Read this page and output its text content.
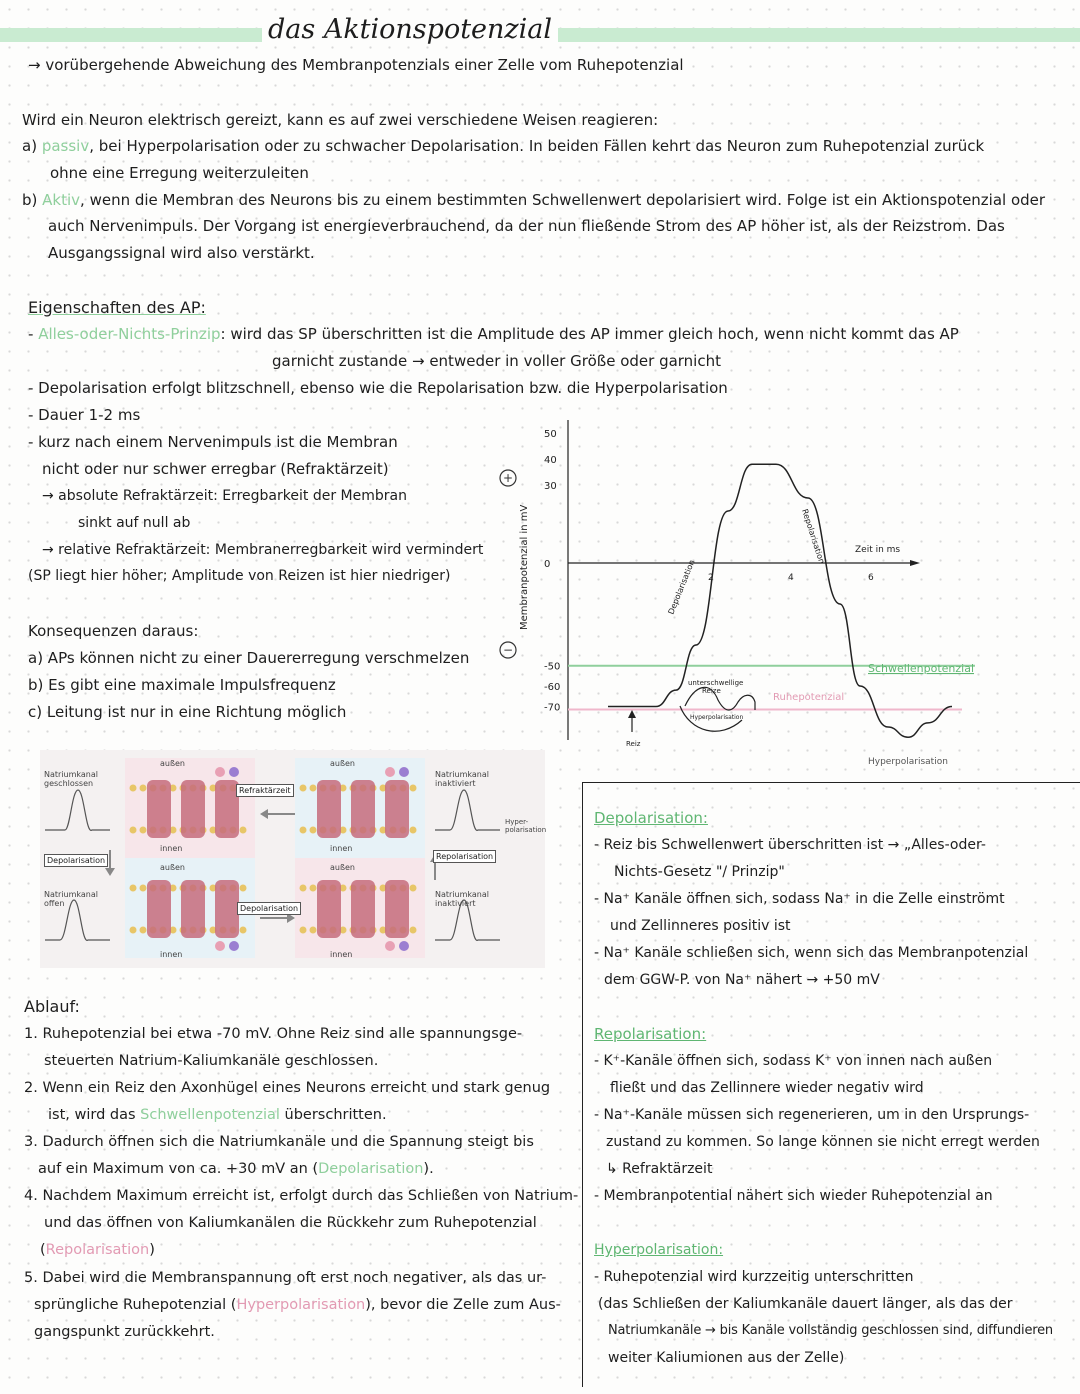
das Aktionspotenzial
→ vorübergehende Abweichung des Membranpotenzials einer Zelle vom Ruhepotenzial
Wird ein Neuron elektrisch gereizt, kann es auf zwei verschiedene Weisen reagieren:
a) passiv, bei Hyperpolarisation oder zu schwacher Depolarisation. In beiden Fällen kehrt das Neuron zum Ruhepotenzial zurück
ohne eine Erregung weiterzuleiten
b) Aktiv, wenn die Membran des Neurons bis zu einem bestimmten Schwellenwert depolarisiert wird. Folge ist ein Aktionspotenzial oder
auch Nervenimpuls. Der Vorgang ist energieverbrauchend, da der nun fließende Strom des AP höher ist, als der Reizstrom. Das
Ausgangssignal wird also verstärkt.
Eigenschaften des AP:
- Alles-oder-Nichts-Prinzip: wird das SP überschritten ist die Amplitude des AP immer gleich hoch, wenn nicht kommt das AP
garnicht zustande → entweder in voller Größe oder garnicht
- Depolarisation erfolgt blitzschnell, ebenso wie die Repolarisation bzw. die Hyperpolarisation
- Dauer 1-2 ms
- kurz nach einem Nervenimpuls ist die Membran
nicht oder nur schwer erregbar (Refraktärzeit)
→ absolute Refraktärzeit: Erregbarkeit der Membran
sinkt auf null ab
→ relative Refraktärzeit: Membranerregbarkeit wird vermindert
(SP liegt hier höher; Amplitude von Reizen ist hier niedriger)
Konsequenzen daraus:
a) APs können nicht zu einer Dauererregung verschmelzen
b) Es gibt eine maximale Impulsfrequenz
c) Leitung ist nur in eine Richtung möglich
+
−
Membranpotenzial in mV
50
40
30
0
-50
-60
-70
2	4	6
Zeit in ms
Reiz
unterschwellige
Reize
Hyperpolarisation
Depolarisation
Repolarisation
Schwellenpotenzial
Ruhepotenzial
Hyperpolarisation
Natriumkanal geschlossen
Natriumkanal offen
Natriumkanal inaktiviert
Natriumkanal inaktiviert
außen
innen
außen
innen
außen
innen
außen
innen
Refraktärzeit
Depolarisation
Depolarisation
Repolarisation
Hyper-polarisation
Ablauf:
1. Ruhepotenzial bei etwa -70 mV. Ohne Reiz sind alle spannungsge-
steuerten Natrium-Kaliumkanäle geschlossen.
2. Wenn ein Reiz den Axonhügel eines Neurons erreicht und stark genug
ist, wird das Schwellenpotenzial überschritten.
3. Dadurch öffnen sich die Natriumkanäle und die Spannung steigt bis
auf ein Maximum von ca. +30 mV an (Depolarisation).
4. Nachdem Maximum erreicht ist, erfolgt durch das Schließen von Natrium-
und das öffnen von Kaliumkanälen die Rückkehr zum Ruhepotenzial
(Repolarisation)
5. Dabei wird die Membranspannung oft erst noch negativer, als das ur-
sprüngliche Ruhepotenzial (Hyperpolarisation), bevor die Zelle zum Aus-
gangspunkt zurückkehrt.
Depolarisation:
- Reiz bis Schwellenwert überschritten ist → „Alles-oder-
Nichts-Gesetz "/ Prinzip"
- Na⁺ Kanäle öffnen sich, sodass Na⁺ in die Zelle einströmt
und Zellinneres positiv ist
- Na⁺ Kanäle schließen sich, wenn sich das Membranpotenzial
dem GGW-P. von Na⁺ nähert → +50 mV
Repolarisation:
- K⁺-Kanäle öffnen sich, sodass K⁺ von innen nach außen
fließt und das Zellinnere wieder negativ wird
- Na⁺-Kanäle müssen sich regenerieren, um in den Ursprungs-
zustand zu kommen. So lange können sie nicht erregt werden
↳ Refraktärzeit
- Membranpotential nähert sich wieder Ruhepotenzial an
Hyperpolarisation:
- Ruhepotenzial wird kurzzeitig unterschritten
(das Schließen der Kaliumkanäle dauert länger, als das der
Natriumkanäle → bis Kanäle vollständig geschlossen sind, diffundieren
weiter Kaliumionen aus der Zelle)
